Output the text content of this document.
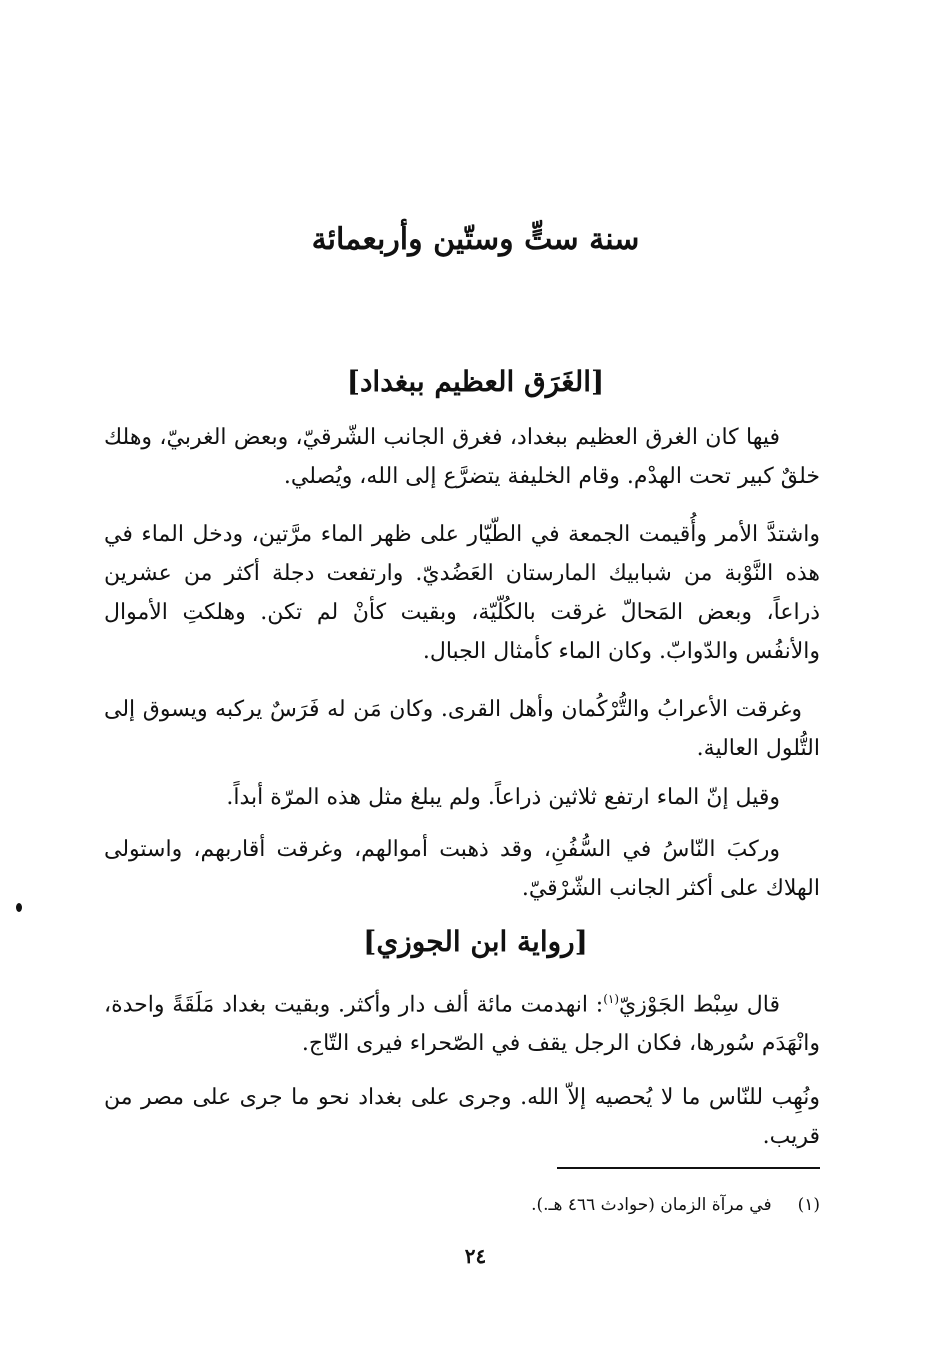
سنة ستٍّ وستّين وأربعمائة
[الغَرَق العظيم ببغداد]

فيها كان الغرق العظيم ببغداد، فغرق الجانب الشّرقيّ، وبعض الغربيّ، وهلك خلقٌ كبير تحت الهدْم. وقام الخليفة يتضرَّع إلى الله، ويُصلي.

واشتدَّ الأمر وأُقيمت الجمعة في الطّيّار على ظهر الماء مرَّتين، ودخل الماء في هذه النَّوْبة من شبابيك المارستان العَضُديّ. وارتفعت دجلة أكثر من عشرين ذراعاً، وبعض المَحالّ غرقت بالكُلّيّة، وبقيت كأنْ لم تكن. وهلكتِ الأموال والأنفُس والدّوابّ. وكان الماء كأمثال الجبال.

وغرقت الأعرابُ والتُّرْكُمان وأهل القرى. وكان مَن له فَرَسٌ يركبه ويسوق إلى التُّلول العالية.

وقيل إنّ الماء ارتفع ثلاثين ذراعاً. ولم يبلغ مثل هذه المرّة أبداً.

وركبَ النّاسُ في السُّفُنِ، وقد ذهبت أموالهم، وغرقت أقاربهم، واستولى الهلاك على أكثر الجانب الشّرْقيّ.

[رواية ابن الجوزي]

قال سِبْط الجَوْزيّ$^{(١)}$: انهدمت مائة ألف دار وأكثر. وبقيت بغداد مَلَقَةً واحدة، وانْهَدَم سُورها، فكان الرجل يقف في الصّحراء فيرى التّاج.

ونُهِب للنّاس ما لا يُحصيه إلاّ الله. وجرى على بغداد نحو ما جرى على مصر من قريب.

(١)في مرآة الزمان (حوادث ٤٦٦ هـ.).
٢٤
